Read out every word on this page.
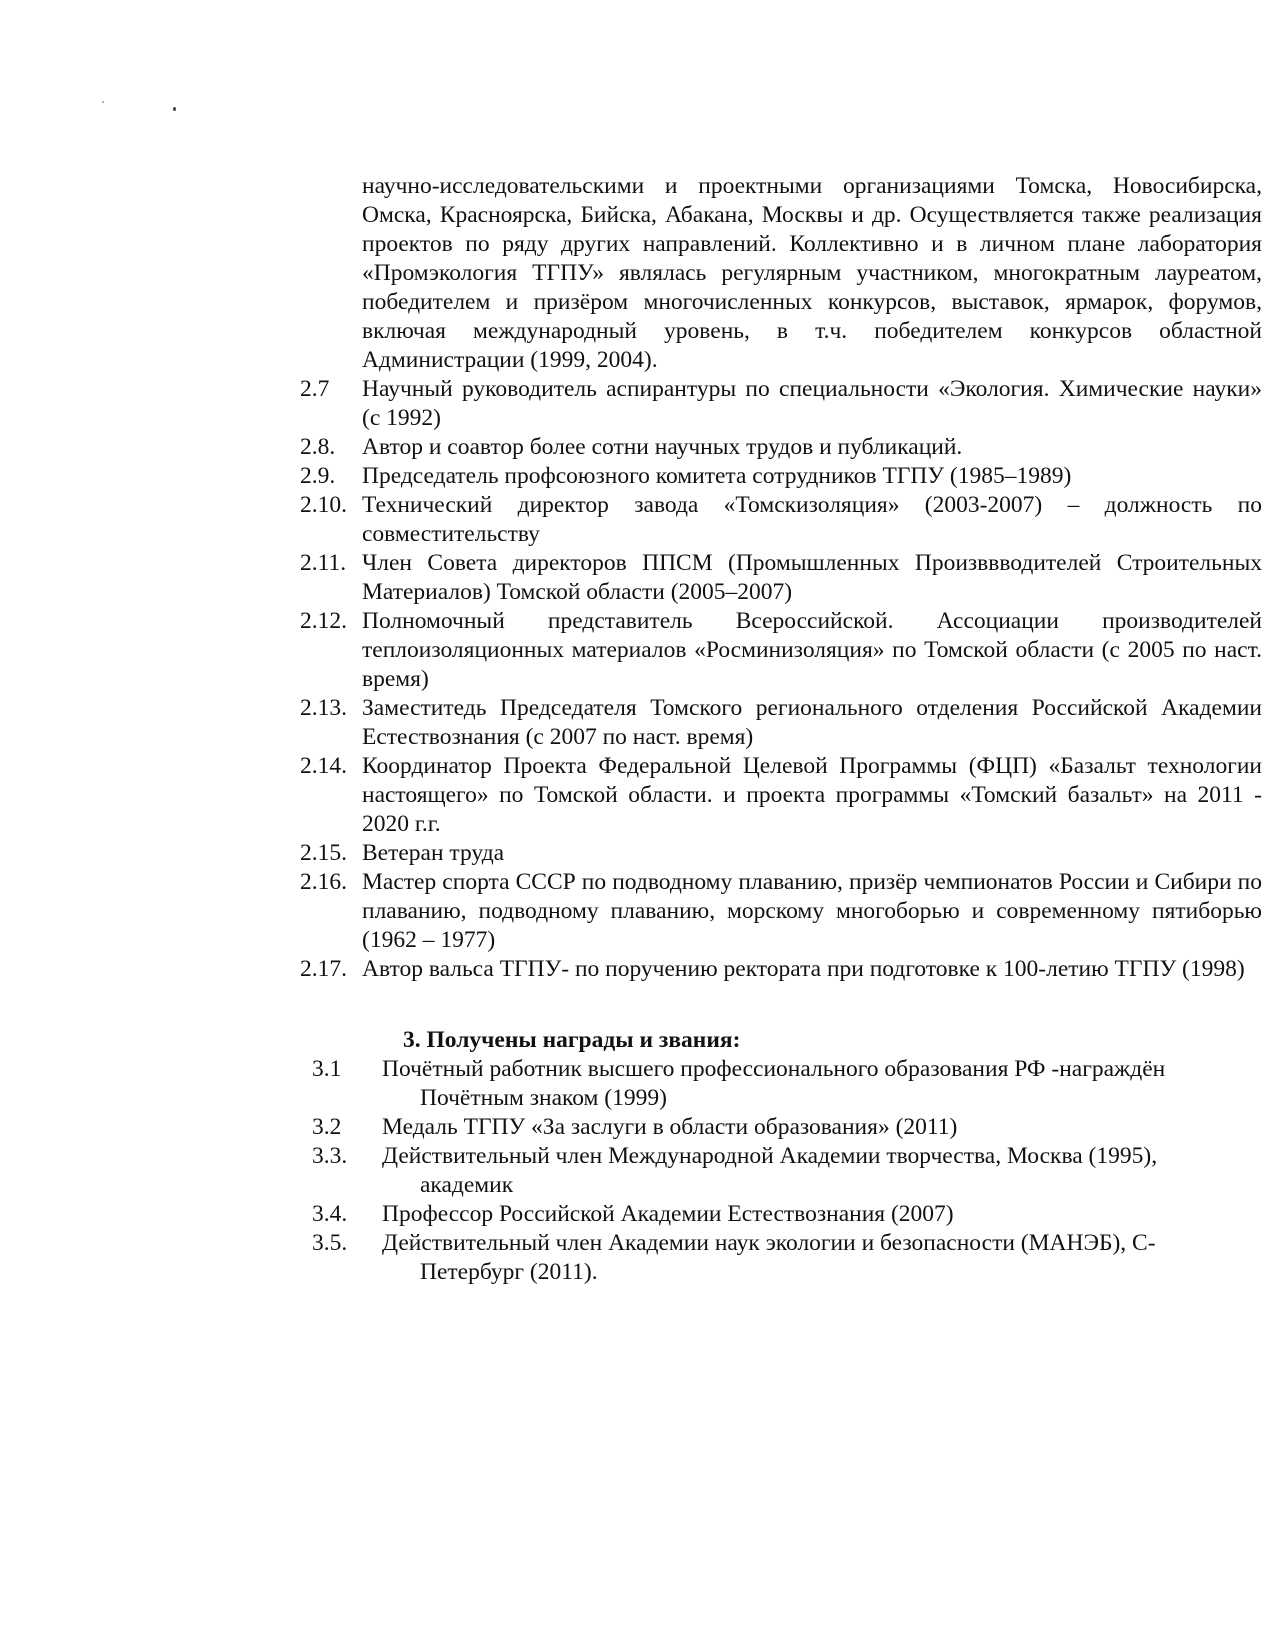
научно-исследовательскими и проектными организациями Томска, Новосибирска, Омска, Красноярска, Бийска, Абакана, Москвы и др. Осуществляется также реализация проектов по ряду других направлений. Коллективно и в личном плане лаборатория «Промэкология ТГПУ» являлась регулярным участником, многократным лауреатом, победителем и призёром многочисленных конкурсов, выставок, ярмарок, форумов, включая международный уровень, в т.ч. победителем конкурсов областной Администрации (1999, 2004).
2.7	Научный руководитель аспирантуры по специальности «Экология. Химические науки» (с 1992)
2.8.	Автор и соавтор более сотни научных трудов и публикаций.
2.9.	Председатель профсоюзного комитета сотрудников ТГПУ (1985–1989)
2.10. Технический директор завода «Томскизоляция» (2003-2007) – должность по совместительству
2.11. Член Совета директоров ППСМ (Промышленных Произввводителей Строительных Материалов) Томской области (2005–2007)
2.12. Полномочный представитель Всероссийской. Ассоциации производителей теплоизоляционных материалов «Росминизоляция» по Томской области (с 2005 по наст. время)
2.13. Заместитедь Председателя Томского регионального отделения Российской Академии Естествознания (с 2007 по наст. время)
2.14. Координатор Проекта Федеральной Целевой Программы (ФЦП) «Базальт технологии настоящего» по Томской области. и проекта программы «Томский базальт» на 2011 - 2020 г.г.
2.15. Ветеран труда
2.16. Мастер спорта СССР по подводному плаванию, призёр чемпионатов России и Сибири по плаванию, подводному плаванию, морскому многоборью и современному пятиборью (1962 – 1977)
2.17. Автор вальса ТГПУ- по поручению ректората при подготовке к 100-летию ТГПУ (1998)
3. Получены награды и звания:
3.1	Почётный работник высшего профессионального образования РФ -награждён
Почётным знаком (1999)
3.2	Медаль ТГПУ «За заслуги в области образования» (2011)
3.3.	Действительный член Международной Академии творчества, Москва (1995),
академик
3.4.	Профессор Российской Академии Естествознания (2007)
3.5.	Действительный член Академии наук экологии и безопасности (МАНЭБ), С-
Петербург (2011).
